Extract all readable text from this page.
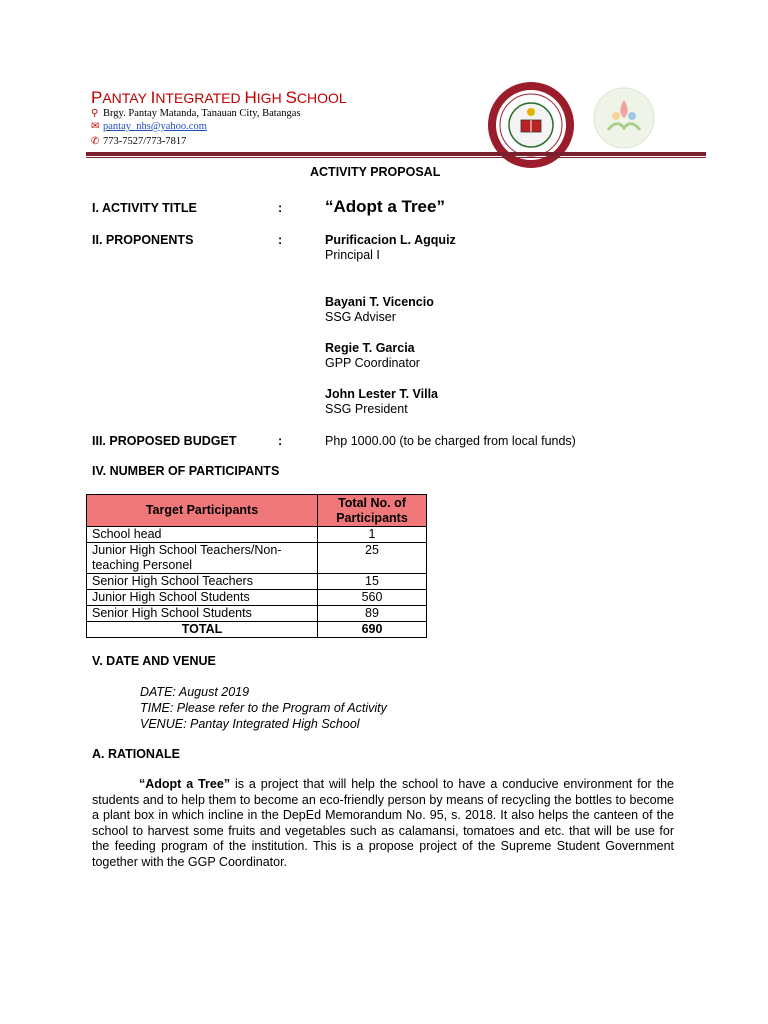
PANTAY INTEGRATED HIGH SCHOOL
⚲ Brgy. Pantay Matanda, Tanauan City, Batangas
✉ pantay_nhs@yahoo.com
✆ 773-7527/773-7817
ACTIVITY PROPOSAL
I. ACTIVITY TITLE	:	“Adopt a Tree”
II. PROPONENTS	:	Purificacion L. Agquiz
Principal I
Bayani T. Vicencio
SSG Adviser
Regie T. Garcia
GPP Coordinator
John Lester T. Villa
SSG President
III. PROPOSED BUDGET	:	Php 1000.00 (to be charged from local funds)
IV. NUMBER OF PARTICIPANTS
Target Participants	Total No. of Participants
School head	1
Junior High School Teachers/Non-teaching Personel	25
Senior High School Teachers	15
Junior High School Students	560
Senior High School Students	89
TOTAL	690
V. DATE AND VENUE
DATE: August 2019
TIME: Please refer to the Program of Activity
VENUE: Pantay Integrated High School
A. RATIONALE
“Adopt a Tree” is a project that will help the school to have a conducive environment for the students and to help them to become an eco-friendly person by means of recycling the bottles to become a plant box in which incline in the DepEd Memorandum No. 95, s. 2018. It also helps the canteen of the school to harvest some fruits and vegetables such as calamansi, tomatoes and etc. that will be use for the feeding program of the institution. This is a propose project of the Supreme Student Government together with the GGP Coordinator.
